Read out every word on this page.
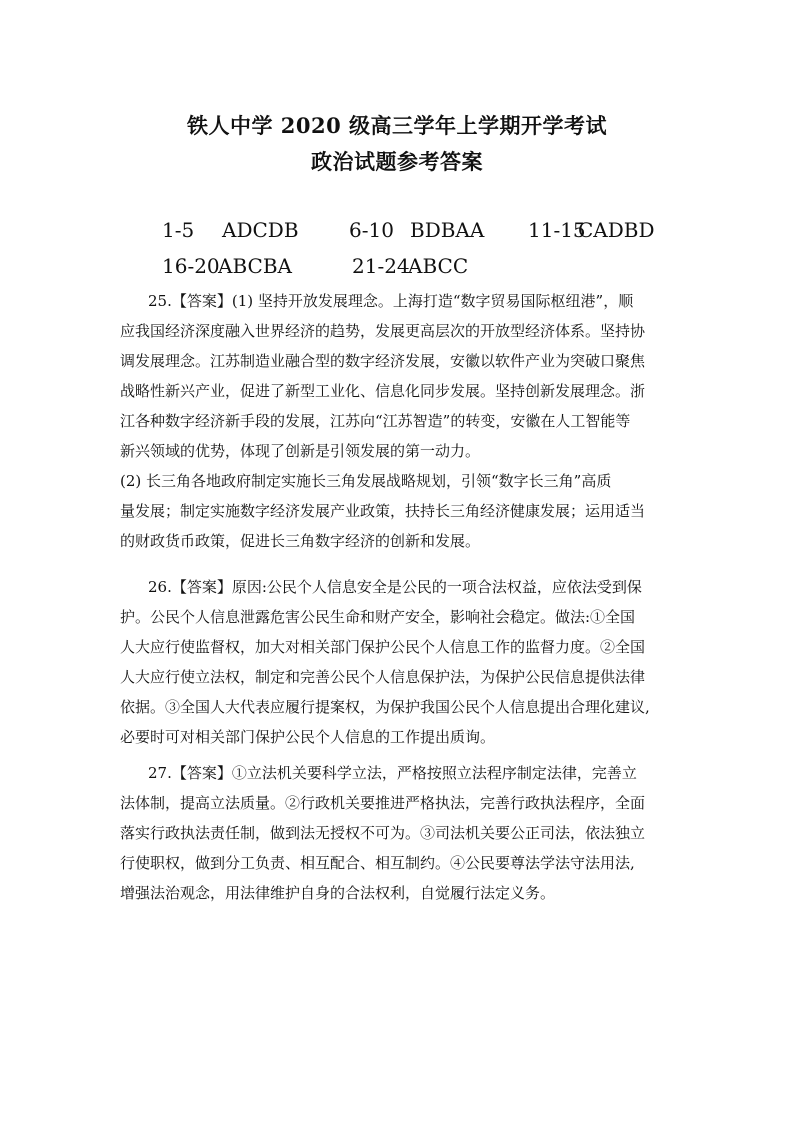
铁人中学 2020 级高三学年上学期开学考试
政治试题参考答案
1-5 ADCDB	6-10 BDBAA 11-15
CADBD
16-20
ABCBA	21-24
ABCC
25.【答案】(1) 坚持开放发展理念。上海打造“数字贸易国际枢纽港”，顺
应我国经济深度融入世界经济的趋势，发展更高层次的开放型经济体系。坚持协
调发展理念。江苏制造业融合型的数字经济发展，安徽以软件产业为突破口聚焦
战略性新兴产业，促进了新型工业化、信息化同步发展。坚持创新发展理念。浙
江各种数字经济新手段的发展，江苏向“江苏智造”的转变，安徽在人工智能等
新兴领域的优势，体现了创新是引领发展的第一动力。
(2) 长三角各地政府制定实施长三角发展战略规划，引领“数字长三角”高质
量发展；制定实施数字经济发展产业政策，扶持长三角经济健康发展；运用适当
的财政货币政策，促进长三角数字经济的创新和发展。
26.【答案】原因:公民个人信息安全是公民的一项合法权益，应依法受到保
护。公民个人信息泄露危害公民生命和财产安全，影响社会稳定。做法:①全国
人大应行使监督权，加大对相关部门保护公民个人信息工作的监督力度。②全国
人大应行使立法权，制定和完善公民个人信息保护法，为保护公民信息提供法律
依据。③全国人大代表应履行提案权，为保护我国公民个人信息提出合理化建议,
必要时可对相关部门保护公民个人信息的工作提出质询。
27.【答案】①立法机关要科学立法，严格按照立法程序制定法律，完善立
法体制，提高立法质量。②行政机关要推进严格执法，完善行政执法程序，全面
落实行政执法责任制，做到法无授权不可为。③司法机关要公正司法，依法独立
行使职权，做到分工负责、相互配合、相互制约。④公民要尊法学法守法用法,
增强法治观念，用法律维护自身的合法权利，自觉履行法定义务。
